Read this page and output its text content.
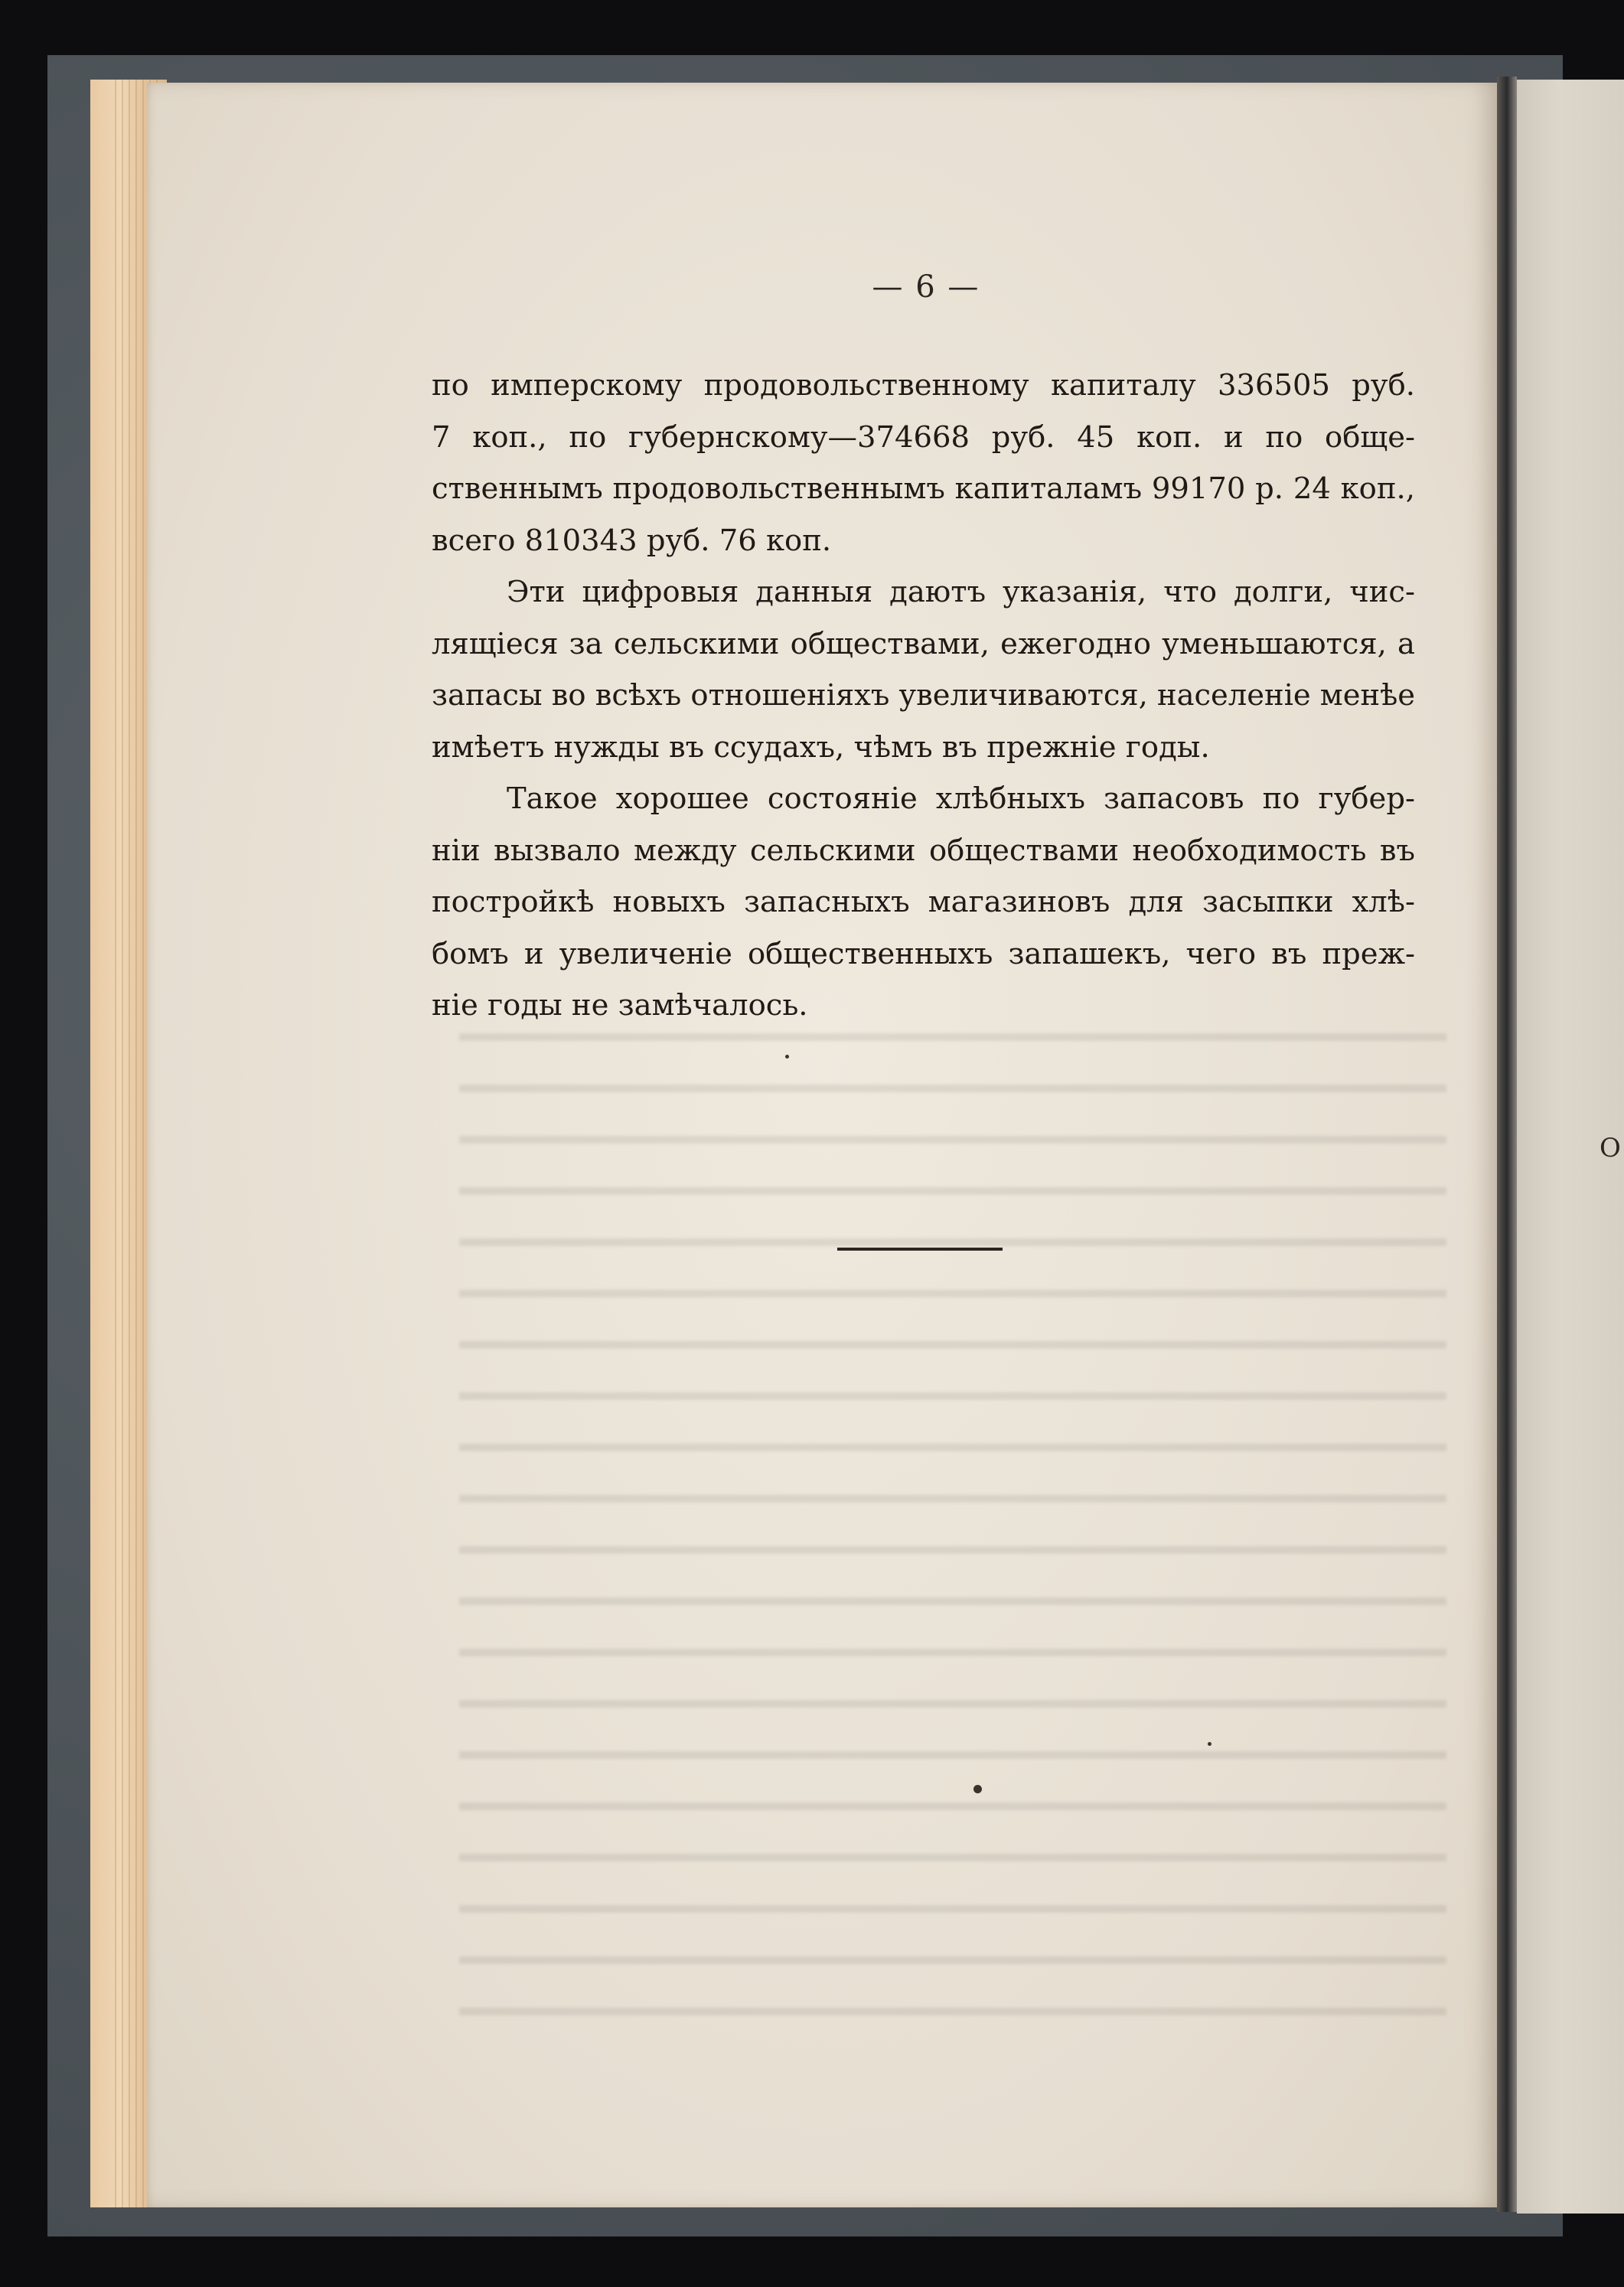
О
— 6 —
по имперскому продовольственному капиталу 336505 руб.
7 коп., по губернскому—374668 руб. 45 коп. и по обще-
ственнымъ продовольственнымъ капиталамъ 99170 р. 24 коп.,
всего 810343 руб. 76 коп.
Эти цифровыя данныя даютъ указанія, что долги, чис-
лящіеся за сельскими обществами, ежегодно уменьшаются, а
запасы во всѣхъ отношеніяхъ увеличиваются, населеніе менѣе
имѣетъ нужды въ ссудахъ, чѣмъ въ прежніе годы.
Такое хорошее состояніе хлѣбныхъ запасовъ по губер-
ніи вызвало между сельскими обществами необходимость въ
постройкѣ новыхъ запасныхъ магазиновъ для засыпки хлѣ-
бомъ и увеличеніе общественныхъ запашекъ, чего въ преж-
ніе годы не замѣчалось.
